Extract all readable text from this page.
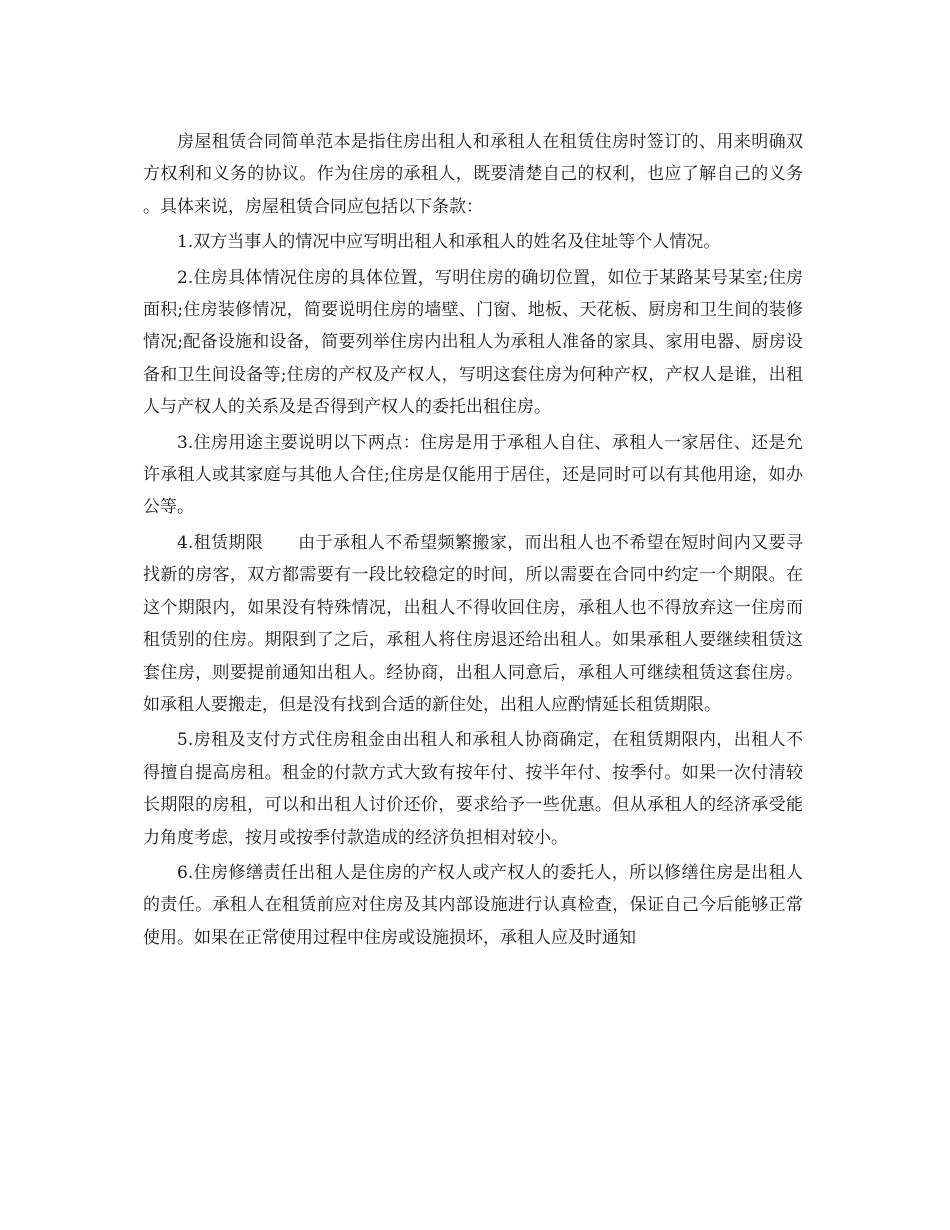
房屋租赁合同简单范本是指住房出租人和承租人在租赁住房时签订的、用来明确双方权利和义务的协议。作为住房的承租人，既要清楚自己的权利，也应了解自己的义务。具体来说，房屋租赁合同应包括以下条款：

1.双方当事人的情况中应写明出租人和承租人的姓名及住址等个人情况。

2.住房具体情况住房的具体位置，写明住房的确切位置，如位于某路某号某室;住房面积;住房装修情况，简要说明住房的墙壁、门窗、地板、天花板、厨房和卫生间的装修情况;配备设施和设备，简要列举住房内出租人为承租人准备的家具、家用电器、厨房设备和卫生间设备等;住房的产权及产权人，写明这套住房为何种产权，产权人是谁，出租人与产权人的关系及是否得到产权人的委托出租住房。

3.住房用途主要说明以下两点：住房是用于承租人自住、承租人一家居住、还是允许承租人或其家庭与其他人合住;住房是仅能用于居住，还是同时可以有其他用途，如办公等。

4.租赁期限　　由于承租人不希望频繁搬家，而出租人也不希望在短时间内又要寻找新的房客，双方都需要有一段比较稳定的时间，所以需要在合同中约定一个期限。在这个期限内，如果没有特殊情况，出租人不得收回住房，承租人也不得放弃这一住房而租赁别的住房。期限到了之后，承租人将住房退还给出租人。如果承租人要继续租赁这套住房，则要提前通知出租人。经协商，出租人同意后，承租人可继续租赁这套住房。如承租人要搬走，但是没有找到合适的新住处，出租人应酌情延长租赁期限。

5.房租及支付方式住房租金由出租人和承租人协商确定，在租赁期限内，出租人不得擅自提高房租。租金的付款方式大致有按年付、按半年付、按季付。如果一次付清较长期限的房租，可以和出租人讨价还价，要求给予一些优惠。但从承租人的经济承受能力角度考虑，按月或按季付款造成的经济负担相对较小。

6.住房修缮责任出租人是住房的产权人或产权人的委托人，所以修缮住房是出租人的责任。承租人在租赁前应对住房及其内部设施进行认真检查，保证自己今后能够正常使用。如果在正常使用过程中住房或设施损坏，承租人应及时通知
